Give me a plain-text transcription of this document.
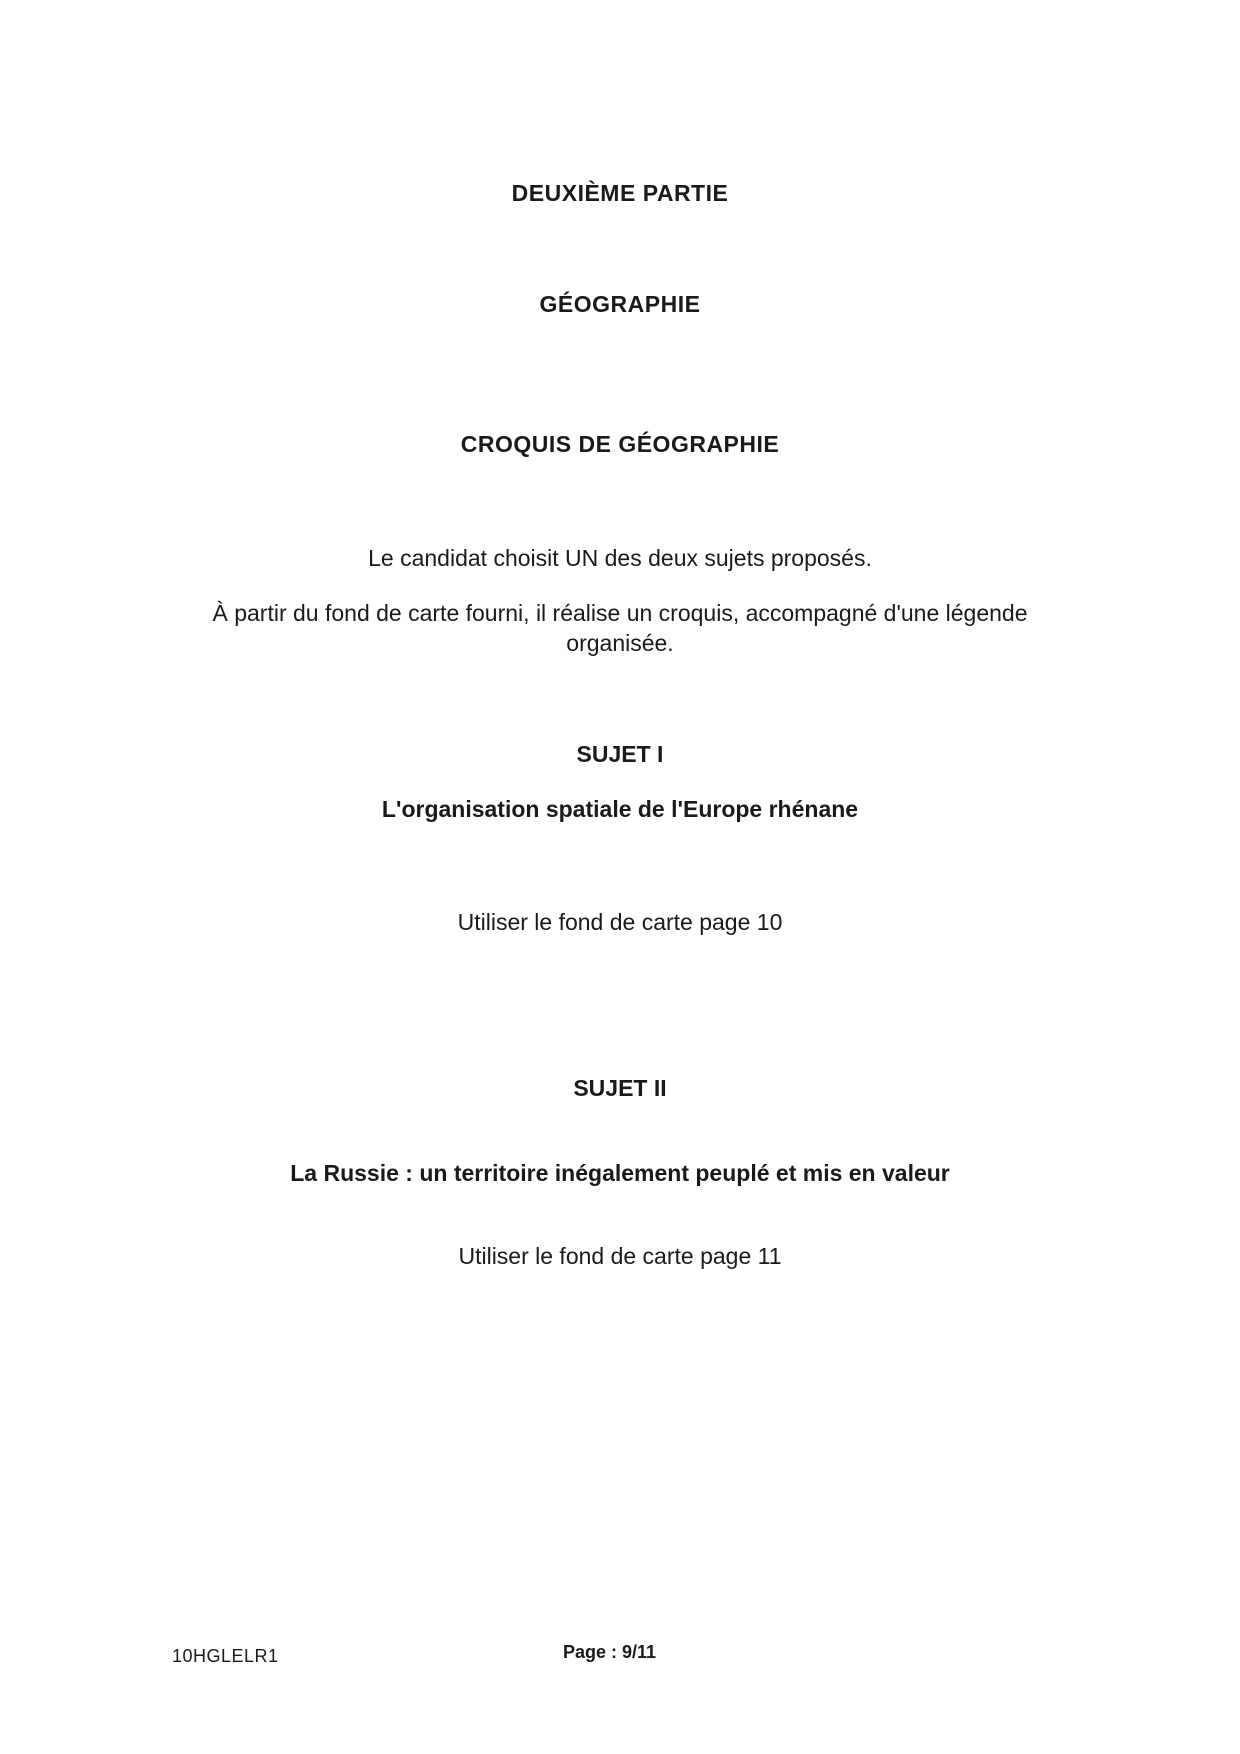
DEUXIÈME PARTIE
GÉOGRAPHIE
CROQUIS DE GÉOGRAPHIE
Le candidat choisit UN des deux sujets proposés.
À partir du fond de carte fourni, il réalise un croquis, accompagné d'une légende
organisée.
SUJET I
L'organisation spatiale de l'Europe rhénane
Utiliser le fond de carte page 10
SUJET II
La Russie : un territoire inégalement peuplé et mis en valeur
Utiliser le fond de carte page 11
10HGLELR1	Page : 9/11
